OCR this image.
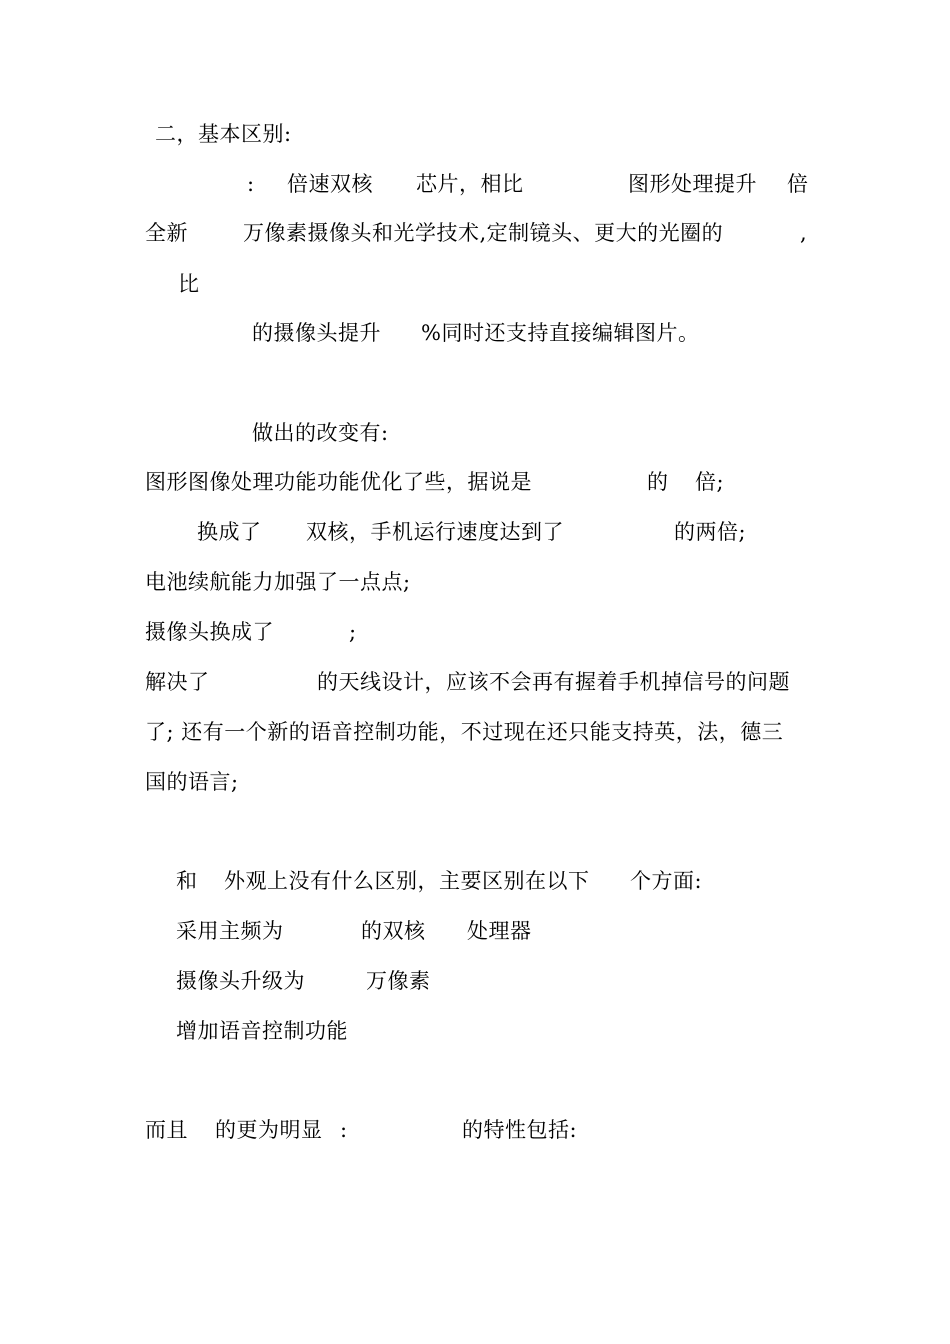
二，基本区别:
: 倍速双核 芯片，相比	图形处理提升 倍
全新	万像素摄像头和光学技术,定制镜头、更大的光圈的	,
比
的摄像头提升 %同时还支持直接编辑图片。
做出的改变有:
图形图像处理功能功能优化了些，据说是	的 倍;
换成了 双核，手机运行速度达到了	的两倍;
电池续航能力加强了一点点;
摄像头换成了	;
解决了	的天线设计，应该不会再有握着手机掉信号的问题
了; 还有一个新的语音控制功能，不过现在还只能支持英，法，德三
国的语言;
和 外观上没有什么区别，主要区别在以下 个方面:
采用主频为	的双核 处理器
摄像头升级为	万像素
增加语音控制功能
而且 的更为明显 :	的特性包括:
